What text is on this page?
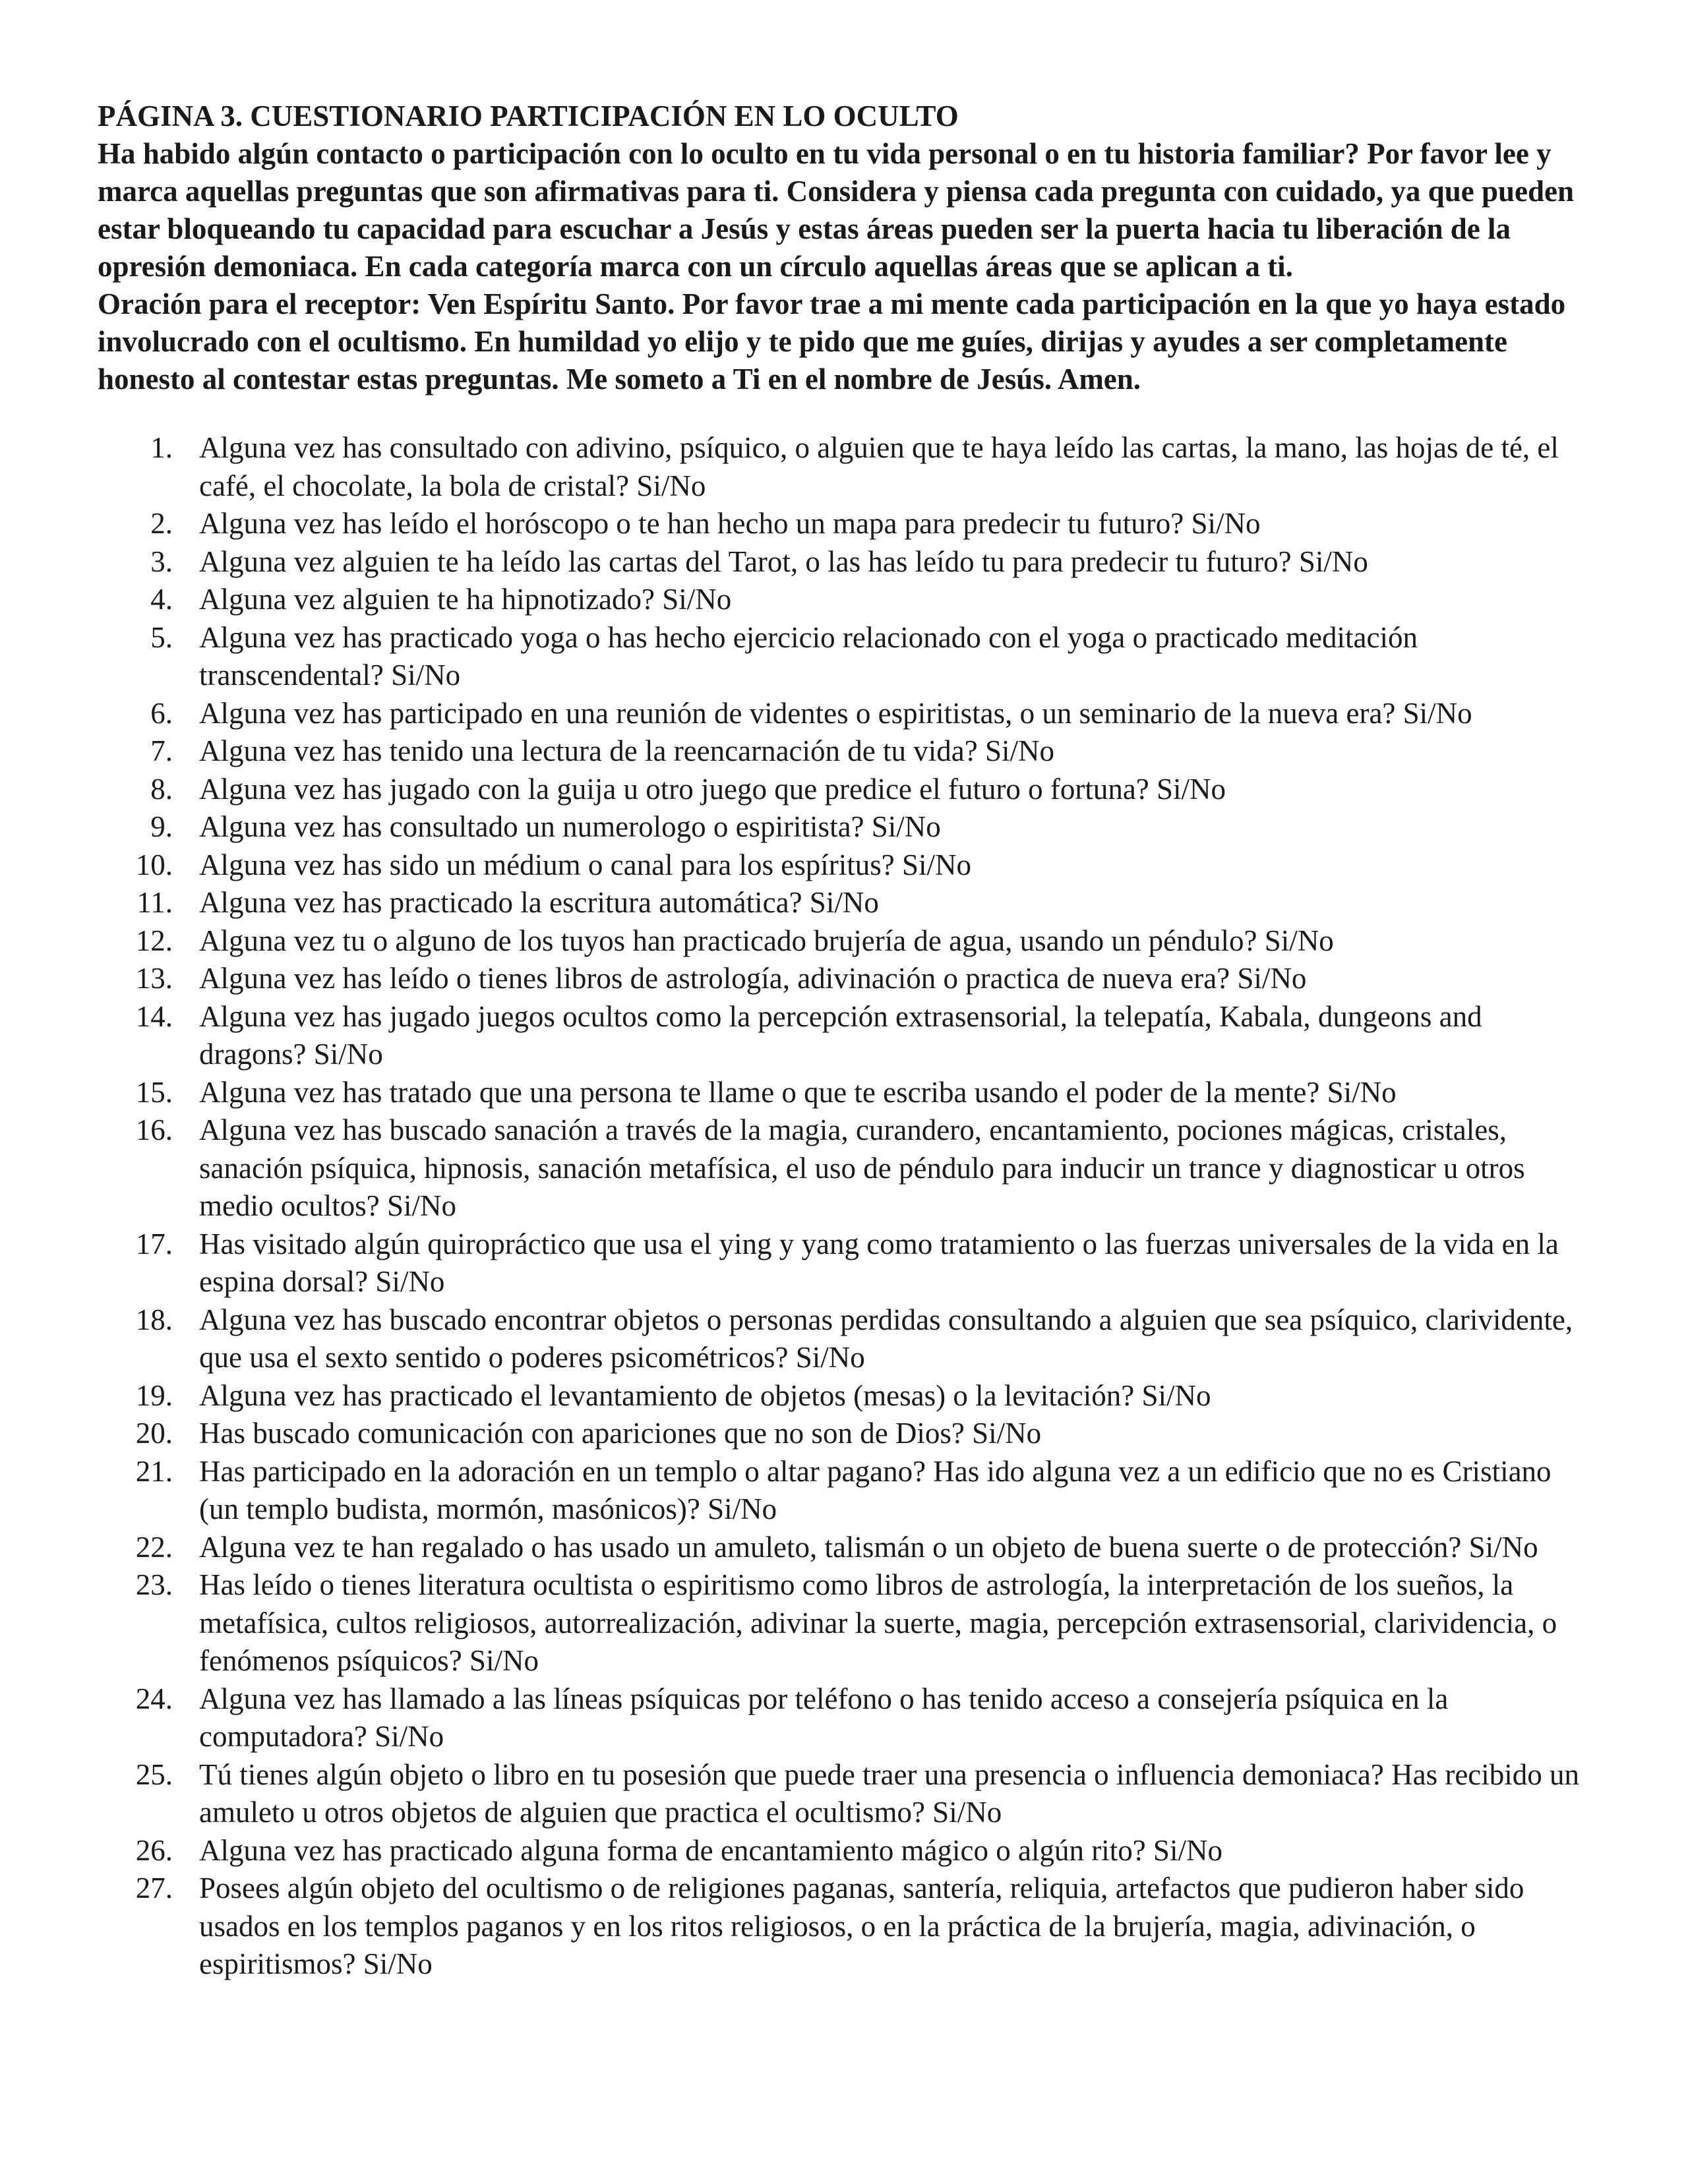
PÁGINA 3. CUESTIONARIO PARTICIPACIÓN EN LO OCULTO

Ha habido algún contacto o participación con lo oculto en tu vida personal o en tu historia familiar? Por favor lee y marca aquellas preguntas que son afirmativas para ti. Considera y piensa cada pregunta con cuidado, ya que pueden estar bloqueando tu capacidad para escuchar a Jesús y estas áreas pueden ser la puerta hacia tu liberación de la opresión demoniaca. En cada categoría marca con un círculo aquellas áreas que se aplican a ti.

Oración para el receptor: Ven Espíritu Santo. Por favor trae a mi mente cada participación en la que yo haya estado involucrado con el ocultismo. En humildad yo elijo y te pido que me guíes, dirijas y ayudes a ser completamente honesto al contestar estas preguntas. Me someto a Ti en el nombre de Jesús. Amen.

1. Alguna vez has consultado con adivino, psíquico, o alguien que te haya leído las cartas, la mano, las hojas de té, el café, el chocolate, la bola de cristal? Si/No
2. Alguna vez has leído el horóscopo o te han hecho un mapa para predecir tu futuro? Si/No
3. Alguna vez alguien te ha leído las cartas del Tarot, o las has leído tu para predecir tu futuro? Si/No
4. Alguna vez alguien te ha hipnotizado? Si/No
5. Alguna vez has practicado yoga o has hecho ejercicio relacionado con el yoga o practicado meditación transcendental? Si/No
6. Alguna vez has participado en una reunión de videntes o espiritistas, o un seminario de la nueva era? Si/No
7. Alguna vez has tenido una lectura de la reencarnación de tu vida? Si/No
8. Alguna vez has jugado con la guija u otro juego que predice el futuro o fortuna? Si/No
9. Alguna vez has consultado un numerologo o espiritista? Si/No
10. Alguna vez has sido un médium o canal para los espíritus? Si/No
11. Alguna vez has practicado la escritura automática? Si/No
12. Alguna vez tu o alguno de los tuyos han practicado brujería de agua, usando un péndulo? Si/No
13. Alguna vez has leído o tienes libros de astrología, adivinación o practica de nueva era? Si/No
14. Alguna vez has jugado juegos ocultos como la percepción extrasensorial, la telepatía, Kabala, dungeons and dragons? Si/No
15. Alguna vez has tratado que una persona te llame o que te escriba usando el poder de la mente? Si/No
16. Alguna vez has buscado sanación a través de la magia, curandero, encantamiento, pociones mágicas, cristales, sanación psíquica, hipnosis, sanación metafísica, el uso de péndulo para inducir un trance y diagnosticar u otros medio ocultos? Si/No
17. Has visitado algún quiropráctico que usa el ying y yang como tratamiento o las fuerzas universales de la vida en la espina dorsal? Si/No
18. Alguna vez has buscado encontrar objetos o personas perdidas consultando a alguien que sea psíquico, clarividente, que usa el sexto sentido o poderes psicométricos? Si/No
19. Alguna vez has practicado el levantamiento de objetos (mesas) o la levitación? Si/No
20. Has buscado comunicación con apariciones que no son de Dios? Si/No
21. Has participado en la adoración en un templo o altar pagano? Has ido alguna vez a un edificio que no es Cristiano (un templo budista, mormón, masónicos)? Si/No
22. Alguna vez te han regalado o has usado un amuleto, talismán o un objeto de buena suerte o de protección? Si/No
23. Has leído o tienes literatura ocultista o espiritismo como libros de astrología, la interpretación de los sueños, la metafísica, cultos religiosos, autorrealización, adivinar la suerte, magia, percepción extrasensorial, clarividencia, o fenómenos psíquicos? Si/No
24. Alguna vez has llamado a las líneas psíquicas por teléfono o has tenido acceso a consejería psíquica en la computadora? Si/No
25. Tú tienes algún objeto o libro en tu posesión que puede traer una presencia o influencia demoniaca? Has recibido un amuleto u otros objetos de alguien que practica el ocultismo? Si/No
26. Alguna vez has practicado alguna forma de encantamiento mágico o algún rito? Si/No
27. Posees algún objeto del ocultismo o de religiones paganas, santería, reliquia, artefactos que pudieron haber sido usados en los templos paganos y en los ritos religiosos, o en la práctica de la brujería, magia, adivinación, o espiritismos? Si/No
